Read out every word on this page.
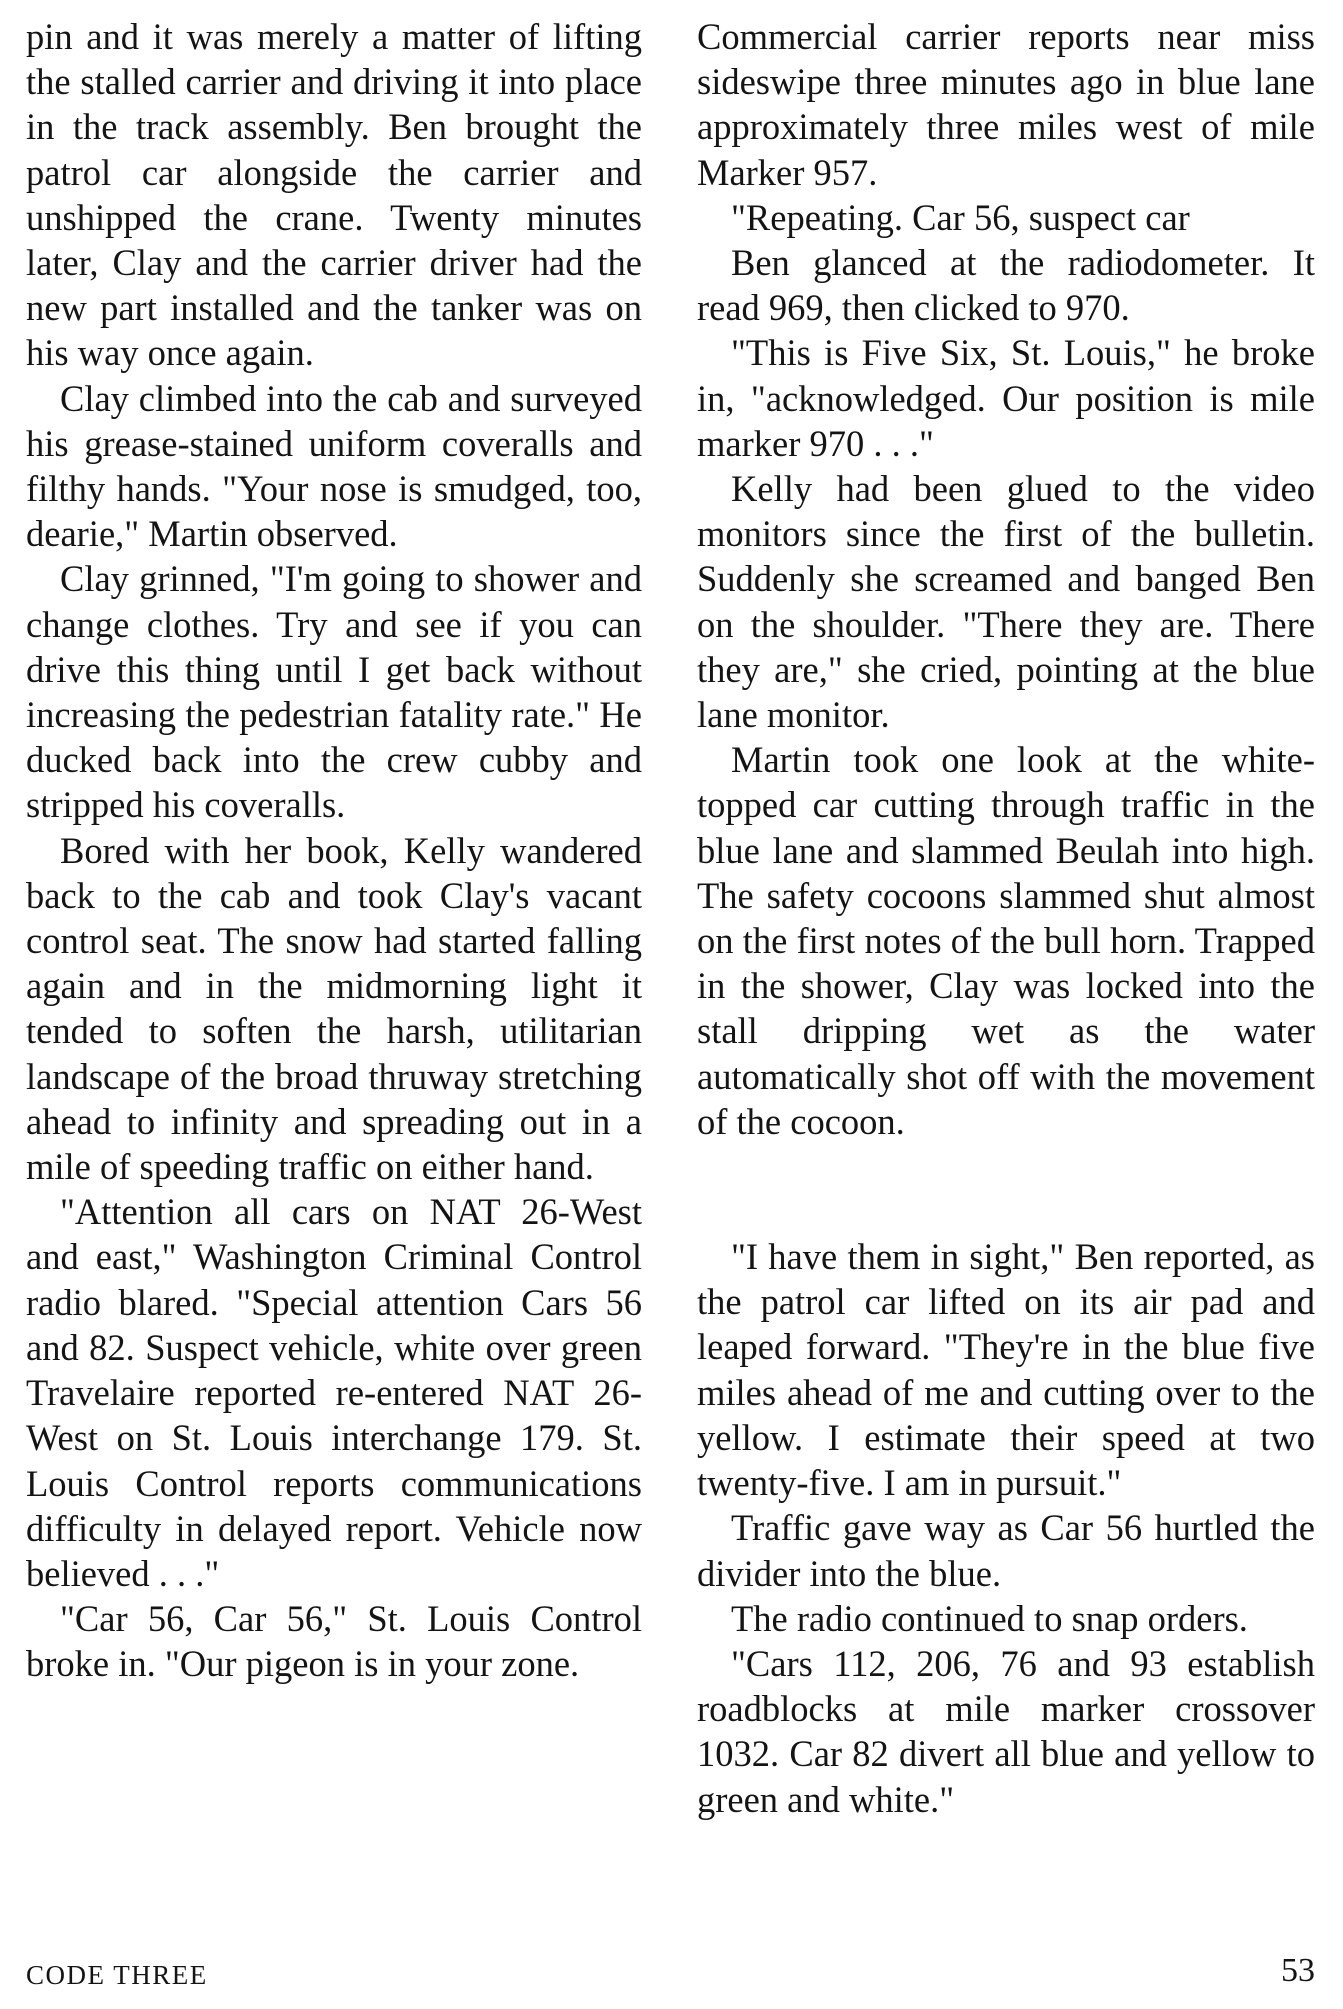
pin and it was merely a matter of lifting the stalled carrier and driving it into place in the track assembly. Ben brought the patrol car alongside the carrier and unshipped the crane. Twenty minutes later, Clay and the carrier driver had the new part installed and the tanker was on his way once again.

Clay climbed into the cab and surveyed his grease-stained uniform coveralls and filthy hands. "Your nose is smudged, too, dearie," Martin observed.

Clay grinned, "I'm going to shower and change clothes. Try and see if you can drive this thing until I get back without increasing the pedestrian fatality rate." He ducked back into the crew cubby and stripped his coveralls.

Bored with her book, Kelly wandered back to the cab and took Clay's vacant control seat. The snow had started falling again and in the midmorning light it tended to soften the harsh, utilitarian landscape of the broad thruway stretching ahead to infinity and spreading out in a mile of speeding traffic on either hand.

"Attention all cars on NAT 26-West and east," Washington Criminal Control radio blared. "Special attention Cars 56 and 82. Suspect vehicle, white over green Travelaire reported re-entered NAT 26-West on St. Louis interchange 179. St. Louis Control reports communications difficulty in delayed report. Vehicle now believed . . ."

"Car 56, Car 56," St. Louis Control broke in. "Our pigeon is in your zone.

Commercial carrier reports near miss sideswipe three minutes ago in blue lane approximately three miles west of mile Marker 957.

"Repeating. Car 56, suspect car

Ben glanced at the radiodometer. It read 969, then clicked to 970.

"This is Five Six, St. Louis," he broke in, "acknowledged. Our position is mile marker 970 . . ."

Kelly had been glued to the video monitors since the first of the bulletin. Suddenly she screamed and banged Ben on the shoulder. "There they are. There they are," she cried, pointing at the blue lane monitor.

Martin took one look at the white-topped car cutting through traffic in the blue lane and slammed Beulah into high. The safety cocoons slammed shut almost on the first notes of the bull horn. Trapped in the shower, Clay was locked into the stall dripping wet as the water automatically shot off with the movement of the cocoon.

"I have them in sight," Ben reported, as the patrol car lifted on its air pad and leaped forward. "They're in the blue five miles ahead of me and cutting over to the yellow. I estimate their speed at two twenty-five. I am in pursuit."

Traffic gave way as Car 56 hurtled the divider into the blue.

The radio continued to snap orders.

"Cars 112, 206, 76 and 93 establish roadblocks at mile marker crossover 1032. Car 82 divert all blue and yellow to green and white."

CODE THREE	53
